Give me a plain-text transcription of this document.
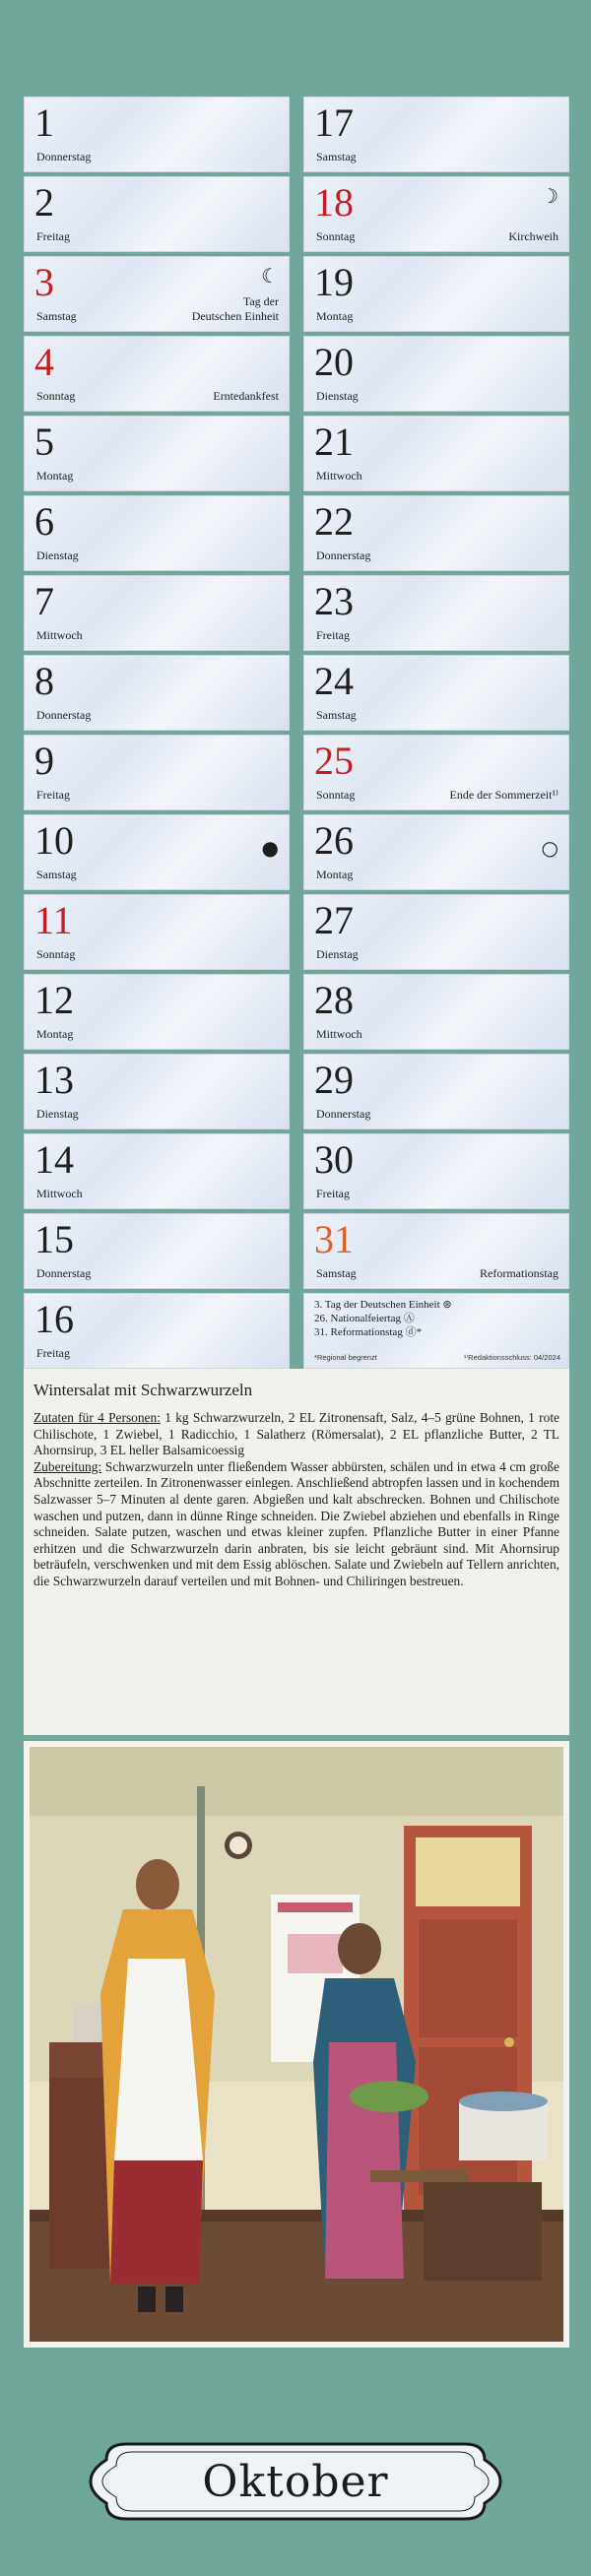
1
Donnerstag
2
Freitag
3
Samstag
Tag der
Deutschen Einheit
☾
4
Sonntag	Erntedankfest
5
Montag
6
Dienstag
7
Mittwoch
8
Donnerstag
9
Freitag
10
Samstag
●
11
Sonntag
12
Montag
13
Dienstag
14
Mittwoch
15
Donnerstag
16
Freitag
17
Samstag
18
Sonntag	Kirchweih
☽
19
Montag
20
Dienstag
21
Mittwoch
22
Donnerstag
23
Freitag
24
Samstag
25
Sonntag	Ende der Sommerzeit¹⁾
26
Montag
○
27
Dienstag
28
Mittwoch
29
Donnerstag
30
Freitag
31
Samstag	Reformationstag
3. Tag der Deutschen Einheit ⊛
26. Nationalfeiertag Ⓐ
31. Reformationstag ⓓ*
*Regional begrenzt	¹⁾Redaktionsschluss: 04/2024
Wintersalat mit Schwarzwurzeln

Zutaten für 4 Personen: 1 kg Schwarzwurzeln, 2 EL Zitronensaft, Salz, 4–5 grüne Bohnen, 1 rote Chilischote, 1 Zwiebel, 1 Radicchio, 1 Salatherz (Römersalat), 2 EL pflanzliche Butter, 2 TL Ahornsirup, 3 EL heller Balsamicoessig

Zubereitung: Schwarzwurzeln unter fließendem Wasser abbürsten, schälen und in etwa 4 cm große Abschnitte zerteilen. In Zitronenwasser einlegen. Anschließend abtropfen lassen und in kochendem Salzwasser 5–7 Minuten al dente garen. Abgießen und kalt abschrecken. Bohnen und Chilischote waschen und putzen, dann in dünne Ringe schneiden. Die Zwiebel abziehen und ebenfalls in Ringe schneiden. Salate putzen, waschen und etwas kleiner zupfen. Pflanzliche Butter in einer Pfanne erhitzen und die Schwarzwurzeln darin anbraten, bis sie leicht gebräunt sind. Mit Ahornsirup beträufeln, verschwenken und mit dem Essig ablöschen. Salate und Zwiebeln auf Tellern anrichten, die Schwarzwurzeln darauf verteilen und mit Bohnen- und Chiliringen bestreuen.

Oktober
